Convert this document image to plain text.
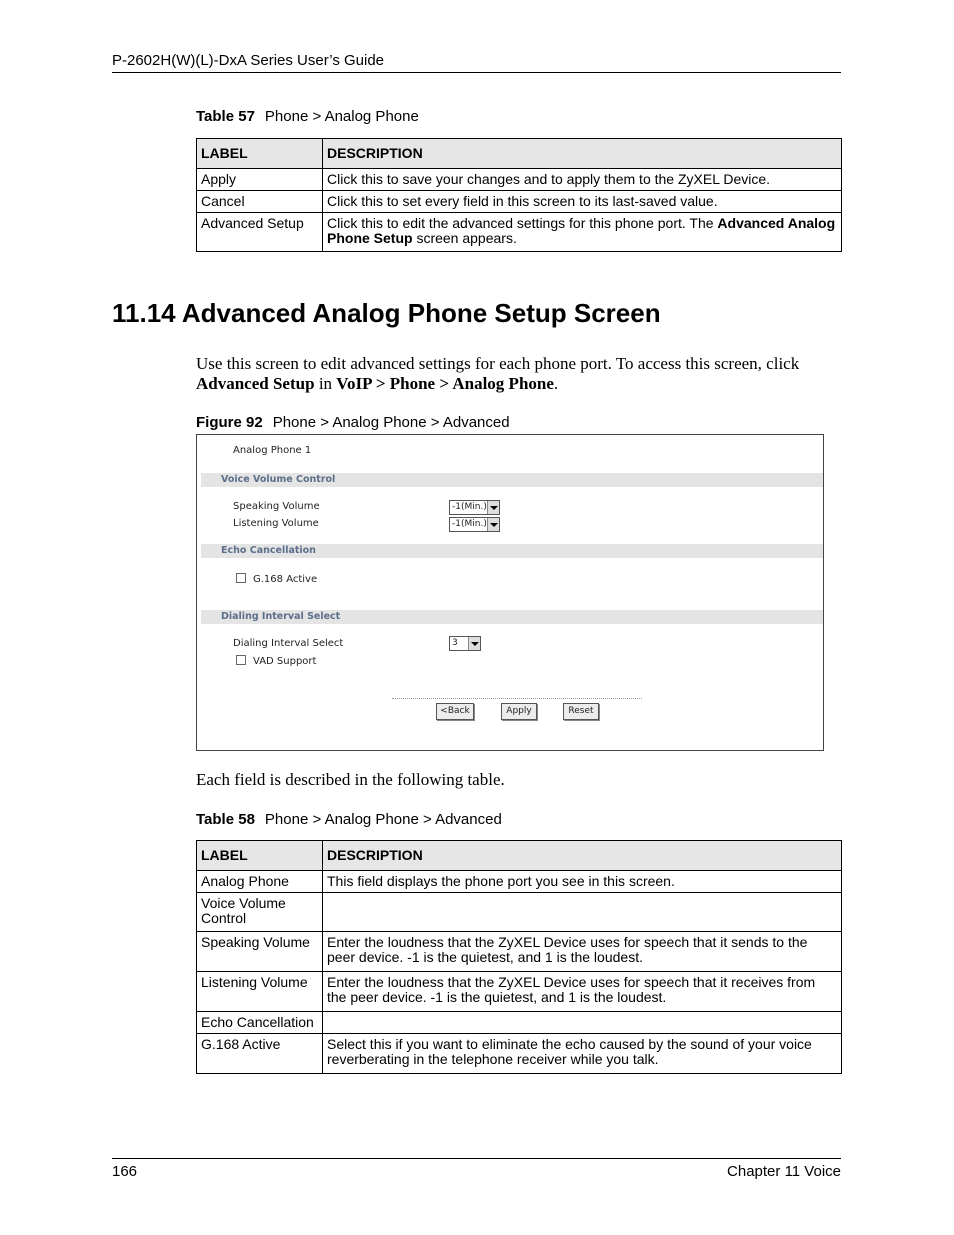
P-2602H(W)(L)-DxA Series User’s Guide
Table 57 Phone > Analog Phone
LABEL	DESCRIPTION
Apply	Click this to save your changes and to apply them to the ZyXEL Device.
Cancel	Click this to set every field in this screen to its last-saved value.
Advanced Setup	Click this to edit the advanced settings for this phone port. The Advanced Analog Phone Setup screen appears.
11.14 Advanced Analog Phone Setup Screen
Use this screen to edit advanced settings for each phone port. To access this screen, click Advanced Setup in VoIP > Phone > Analog Phone.
Figure 92 Phone > Analog Phone > Advanced
Analog Phone 1
Voice Volume Control
Speaking Volume	-1(Min.)
Listening Volume	-1(Min.)
Echo Cancellation
G.168 Active
Dialing Interval Select
Dialing Interval Select	3
VAD Support
<Back	Apply	Reset
Each field is described in the following table.
Table 58 Phone > Analog Phone > Advanced
LABEL	DESCRIPTION
Analog Phone	This field displays the phone port you see in this screen.
Voice Volume Control	
Speaking Volume	Enter the loudness that the ZyXEL Device uses for speech that it sends to the peer device. -1 is the quietest, and 1 is the loudest.
Listening Volume	Enter the loudness that the ZyXEL Device uses for speech that it receives from the peer device. -1 is the quietest, and 1 is the loudest.
Echo Cancellation	
G.168 Active	Select this if you want to eliminate the echo caused by the sound of your voice reverberating in the telephone receiver while you talk.
166	Chapter 11 Voice
